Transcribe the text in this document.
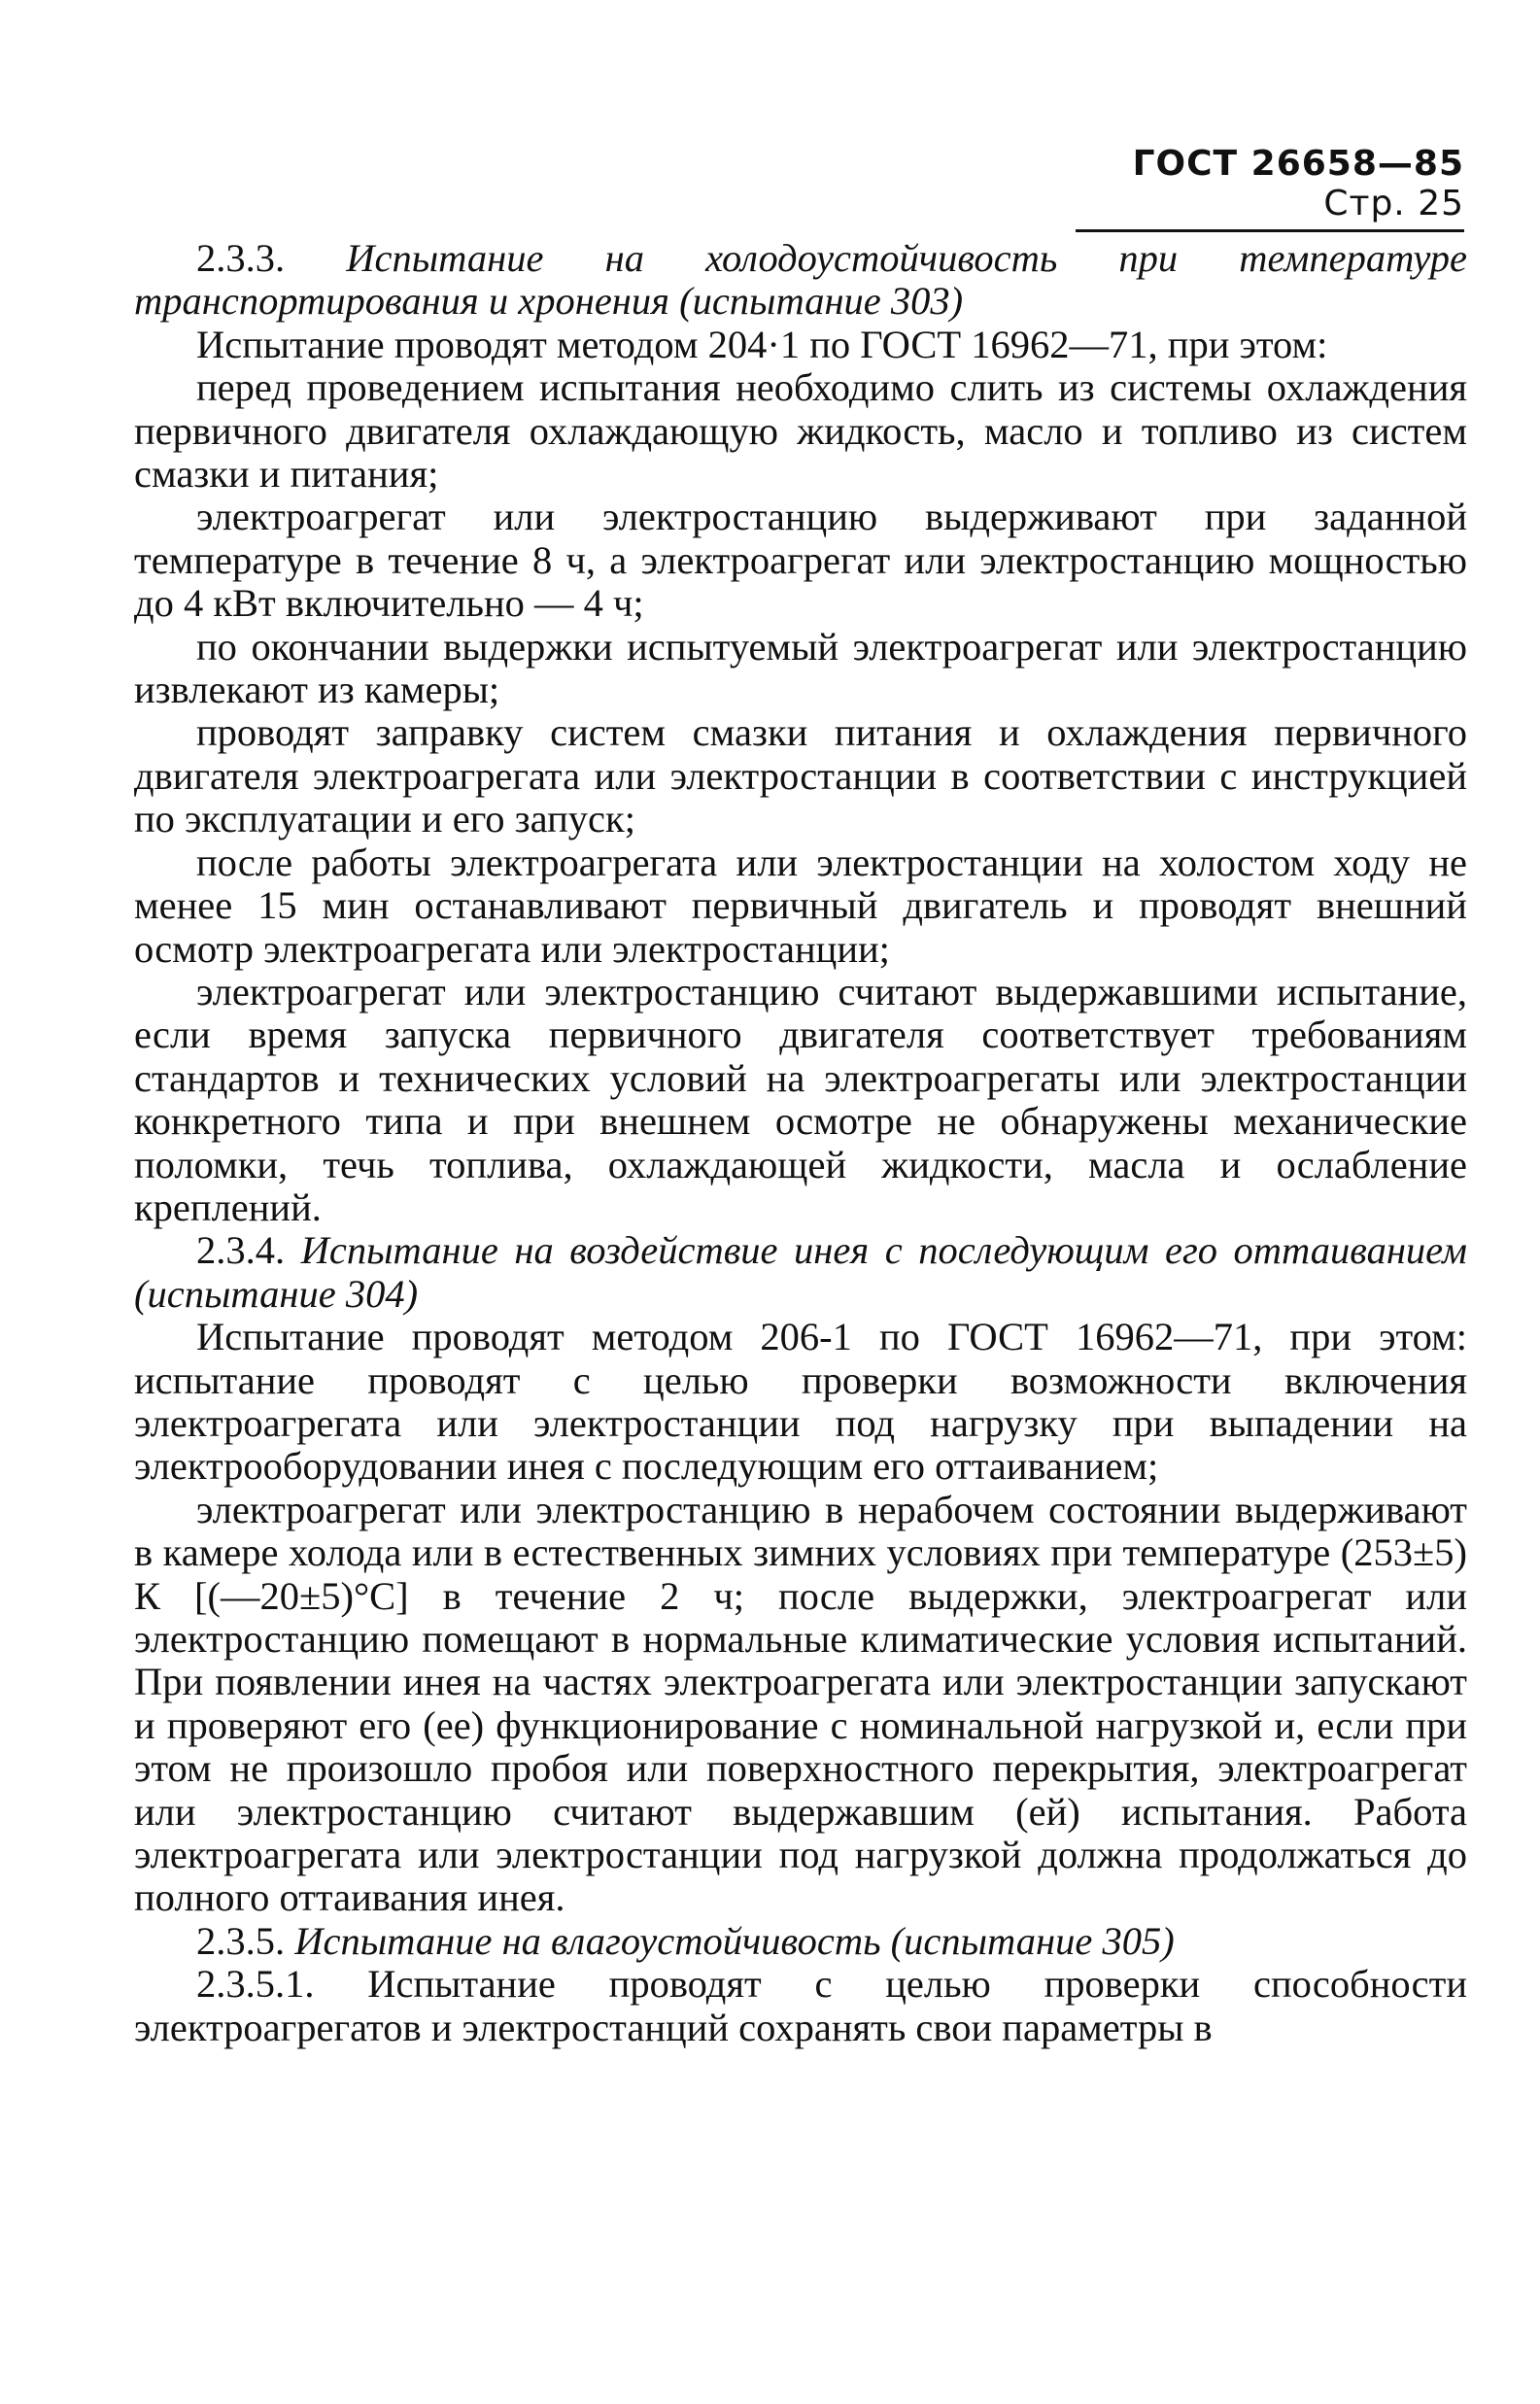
ГОСТ 26658—85 Стр. 25

2.3.3. Испытание на холодоустойчивость при температуре транспортирования и хронения (испытание 303)

Испытание проводят методом 204·1 по ГОСТ 16962—71, при этом:

перед проведением испытания необходимо слить из системы охлаждения первичного двигателя охлаждающую жидкость, масло и топливо из систем смазки и питания;

электроагрегат или электростанцию выдерживают при заданной температуре в течение 8 ч, а электроагрегат или электростанцию мощностью до 4 кВт включительно — 4 ч;

по окончании выдержки испытуемый электроагрегат или электростанцию извлекают из камеры;

проводят заправку систем смазки питания и охлаждения первичного двигателя электроагрегата или электростанции в соответствии с инструкцией по эксплуатации и его запуск;

после работы электроагрегата или электростанции на холостом ходу не менее 15 мин останавливают первичный двигатель и проводят внешний осмотр электроагрегата или электростанции;

электроагрегат или электростанцию считают выдержавшими испытание, если время запуска первичного двигателя соответствует требованиям стандартов и технических условий на электроагрегаты или электростанции конкретного типа и при внешнем осмотре не обнаружены механические поломки, течь топлива, охлаждающей жидкости, масла и ослабление креплений.

2.3.4. Испытание на воздействие инея с последующим его оттаиванием (испытание 304)

Испытание проводят методом 206-1 по ГОСТ 16962—71, при этом: испытание проводят с целью проверки возможности включения электроагрегата или электростанции под нагрузку при выпадении на электрооборудовании инея с последующим его оттаиванием;

электроагрегат или электростанцию в нерабочем состоянии выдерживают в камере холода или в естественных зимних условиях при температуре (253±5) К [(—20±5)°С] в течение 2 ч; после выдержки, электроагрегат или электростанцию помещают в нормальные климатические условия испытаний. При появлении инея на частях электроагрегата или электростанции запускают и проверяют его (ее) функционирование с номинальной нагрузкой и, если при этом не произошло пробоя или поверхностного перекрытия, электроагрегат или электростанцию считают выдержавшим (ей) испытания. Работа электроагрегата или электростанции под нагрузкой должна продолжаться до полного оттаивания инея.

2.3.5. Испытание на влагоустойчивость (испытание 305)

2.3.5.1. Испытание проводят с целью проверки способности электроагрегатов и электростанций сохранять свои параметры в
